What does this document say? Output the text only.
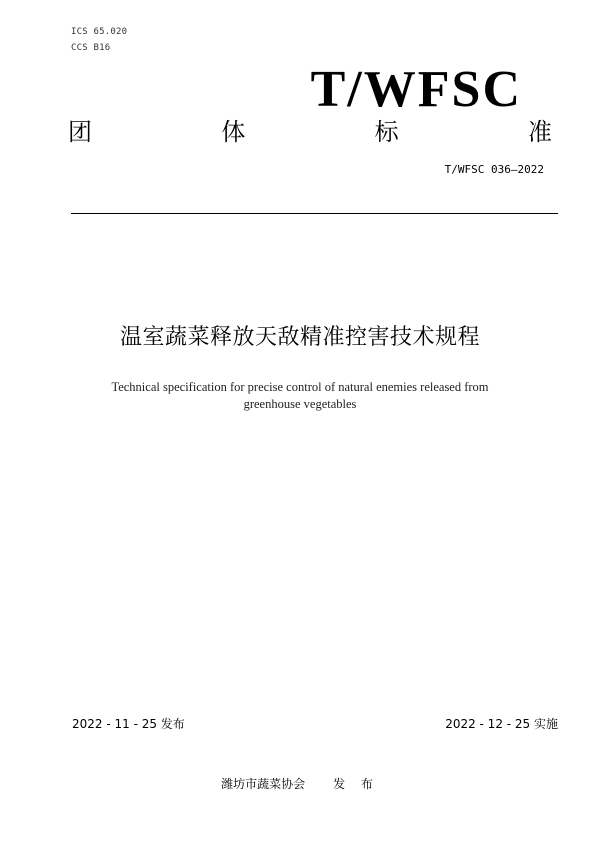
ICS 65.020
CCS B16
T/WFSC
团	体	标	准
T/WFSC 036—2022
温室蔬菜释放天敌精准控害技术规程
Technical specification for precise control of natural enemies released from
greenhouse vegetables
2022 - 11 - 25 发布	2022 - 12 - 25 实施
潍坊市蔬菜协会 发 布
